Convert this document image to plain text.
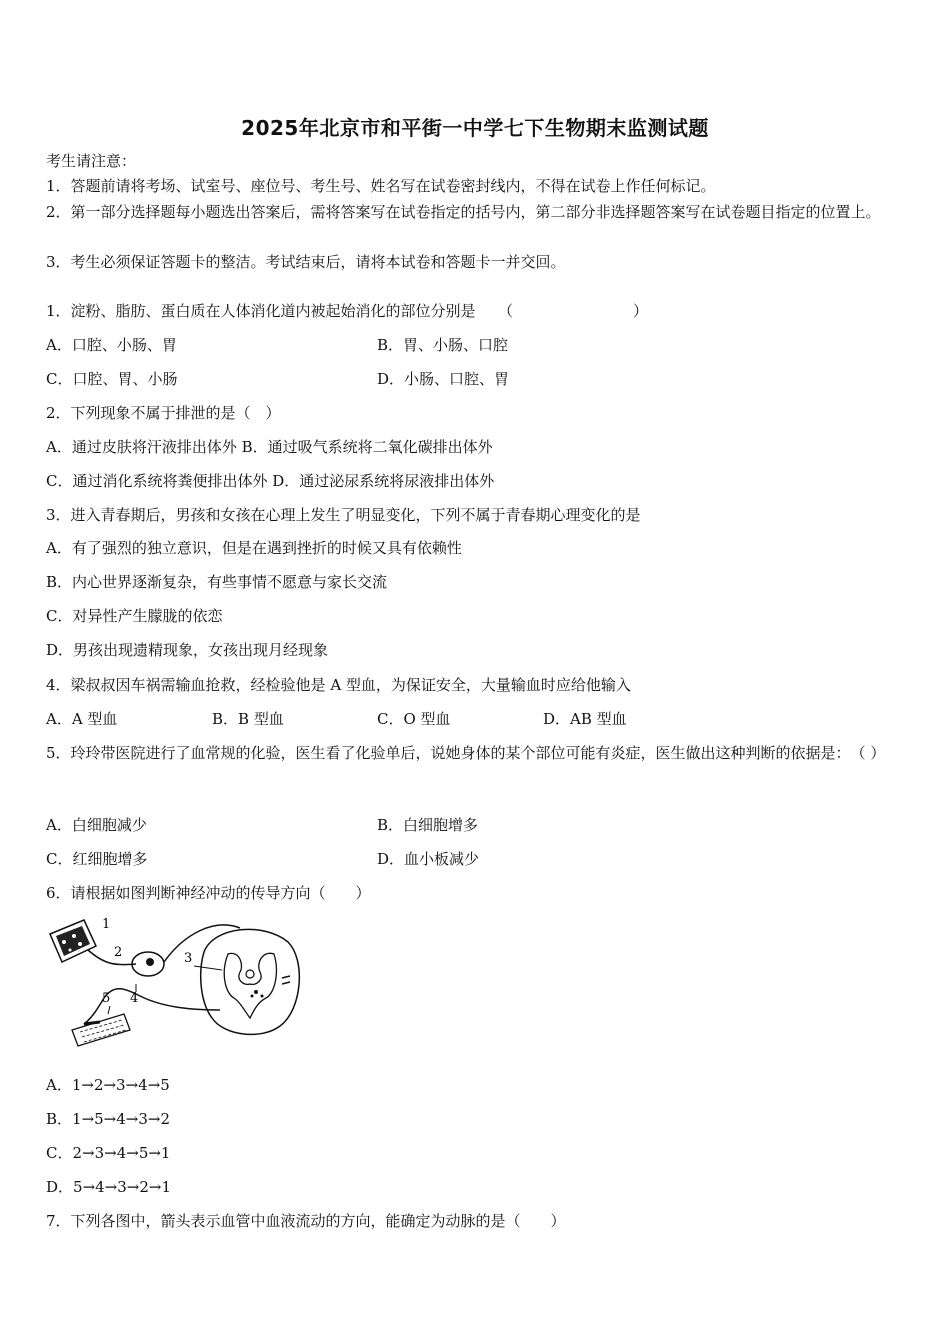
2025年北京市和平街一中学七下生物期末监测试题
考生请注意：
1．答题前请将考场、试室号、座位号、考生号、姓名写在试卷密封线内，不得在试卷上作任何标记。
2．第一部分选择题每小题选出答案后，需将答案写在试卷指定的括号内，第二部分非选择题答案写在试卷题目指定的位置上。
3．考生必须保证答题卡的整洁。考试结束后，请将本试卷和答题卡一并交回。
1．淀粉、脂肪、蛋白质在人体消化道内被起始消化的部位分别是　　（　　　　　　　　）
A．口腔、小肠、胃	B．胃、小肠、口腔
C．口腔、胃、小肠	D．小肠、口腔、胃
2．下列现象不属于排泄的是（　）
A．通过皮肤将汗液排出体外 B．通过吸气系统将二氧化碳排出体外
C．通过消化系统将粪便排出体外 D．通过泌尿系统将尿液排出体外
3．进入青春期后，男孩和女孩在心理上发生了明显变化，下列不属于青春期心理变化的是
A．有了强烈的独立意识，但是在遇到挫折的时候又具有依赖性
B．内心世界逐渐复杂，有些事情不愿意与家长交流
C．对异性产生朦胧的依恋
D．男孩出现遗精现象，女孩出现月经现象
4．梁叔叔因车祸需输血抢救，经检验他是 A 型血，为保证安全，大量输血时应给他输入
A．A 型血	B．B 型血	C．O 型血	D．AB 型血
5．玲玲带医院进行了血常规的化验，医生看了化验单后，说她身体的某个部位可能有炎症，医生做出这种判断的依据是：　（ ）
A．白细胞减少	B．白细胞增多
C．红细胞增多	D．血小板减少
6．请根据如图判断神经冲动的传导方向（　　）
1
2	3
4
5
A．1→2→3→4→5
B．1→5→4→3→2
C．2→3→4→5→1
D．5→4→3→2→1
7．下列各图中，箭头表示血管中血液流动的方向，能确定为动脉的是（　　）
